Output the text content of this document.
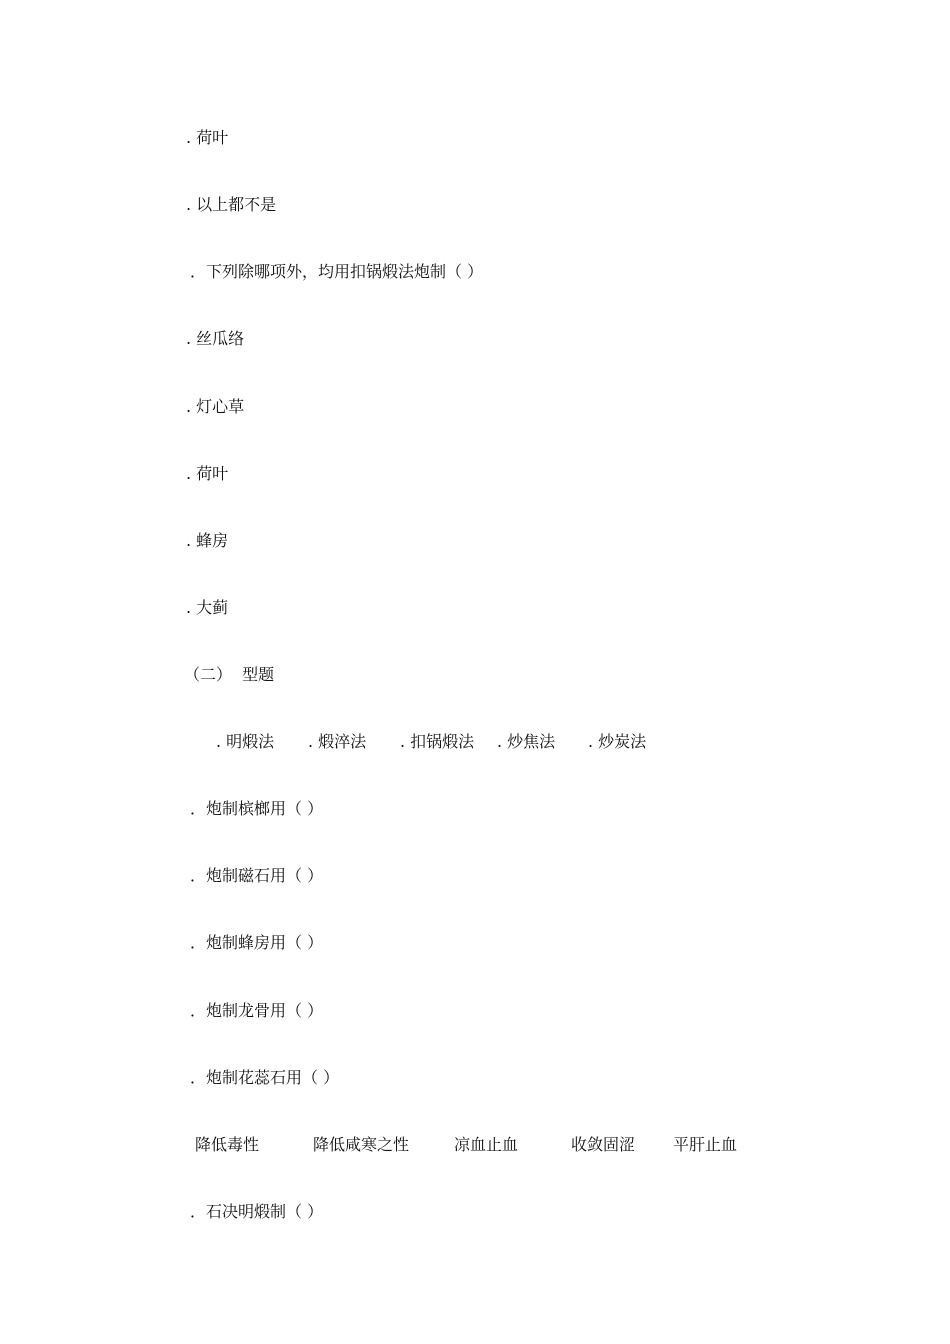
. 荷叶
. 以上都不是
．下列除哪项外，均用扣锅煅法炮制（ ）
. 丝瓜络
. 灯心草
. 荷叶
. 蜂房
. 大蓟
（二）  型题
. 明煅法 . 煅淬法 . 扣锅煅法 . 炒焦法 . 炒炭法
．炮制槟榔用（ ）
．炮制磁石用（ ）
．炮制蜂房用（ ）
．炮制龙骨用（ ）
．炮制花蕊石用（ ）
降低毒性	降低咸寒之性	凉血止血	收敛固涩 平肝止血
．石决明煅制（ ）
